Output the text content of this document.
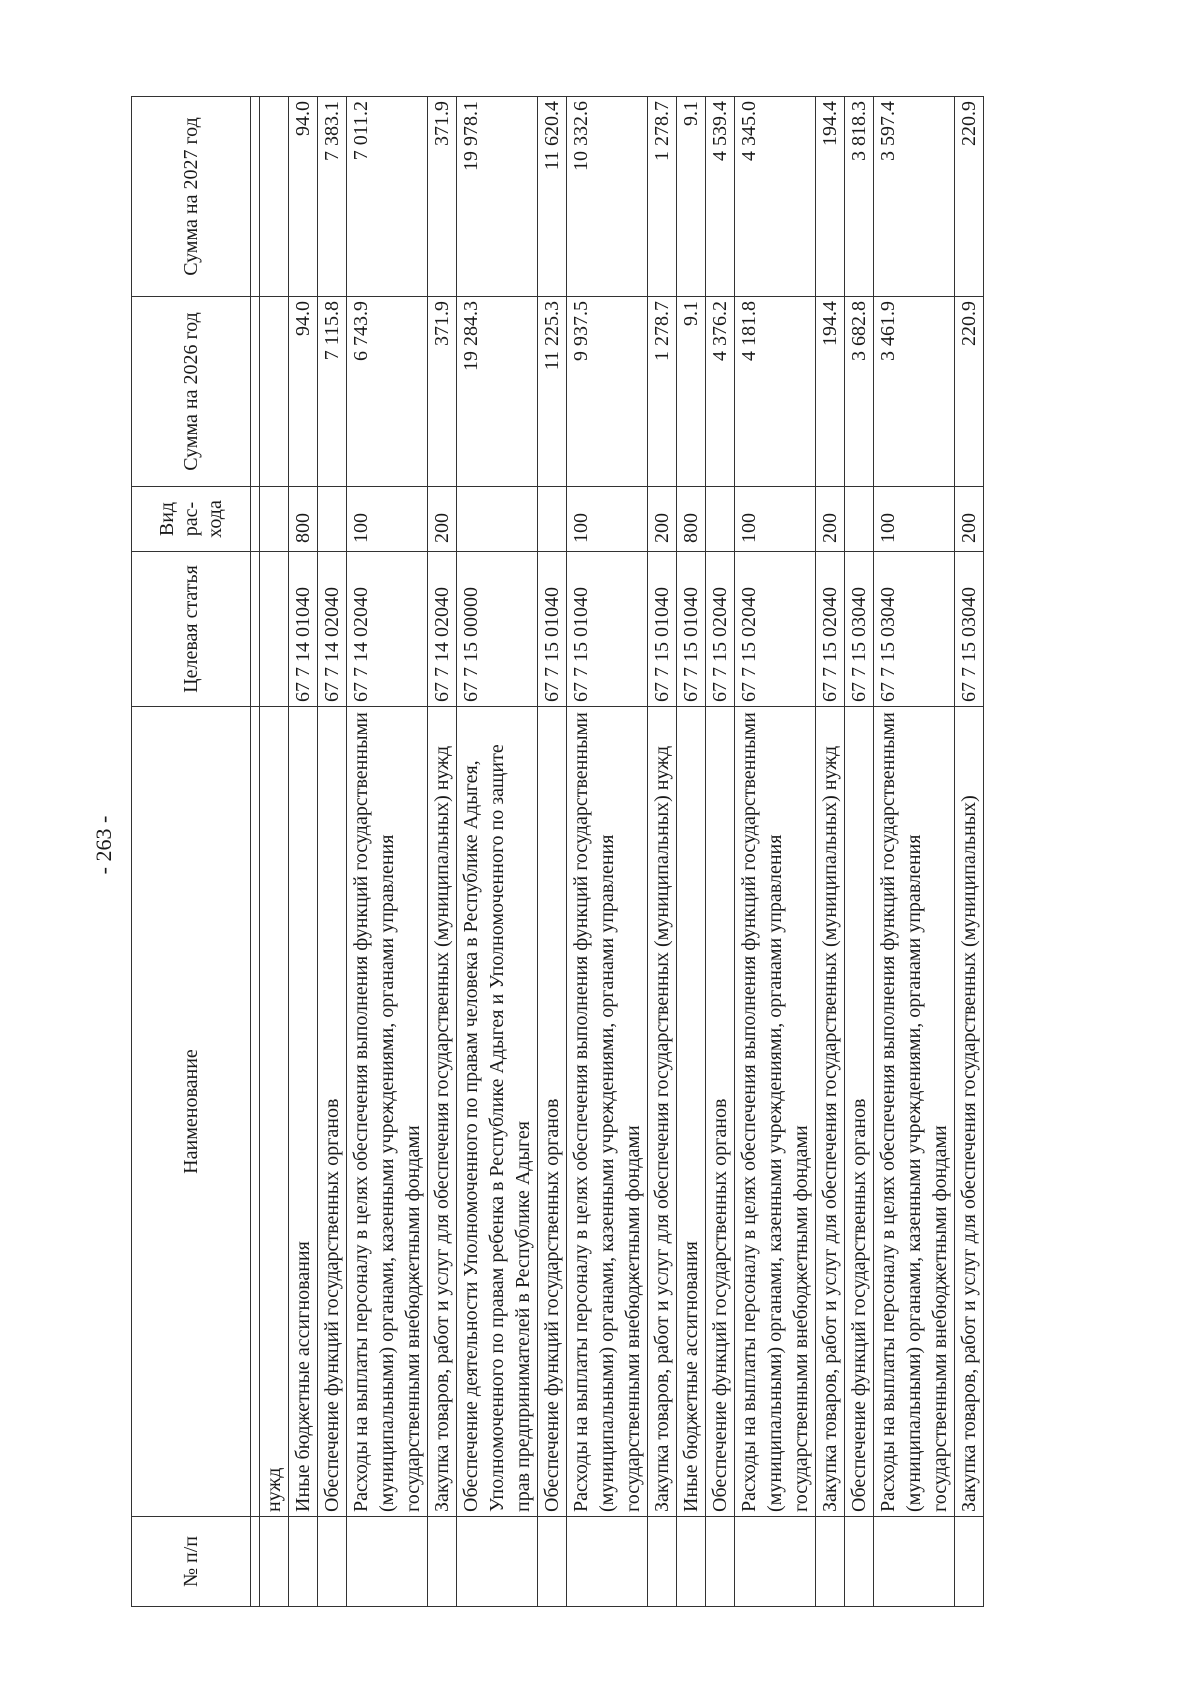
- 263 -
№ п/п	Наименование	Целевая статья	Вид рас-хода	Сумма на 2026 год	Сумма на 2027 год

	нужд				
	Иные бюджетные ассигнования	67 7 14 01040	800	94.0	94.0
	Обеспечение функций государственных органов	67 7 14 02040		7 115.8	7 383.1
	Расходы на выплаты персоналу в целях обеспечения выполнения функций государственными (муниципальными) органами, казенными учреждениями, органами управления государственными внебюджетными фондами	67 7 14 02040	100	6 743.9	7 011.2
	Закупка товаров, работ и услуг для обеспечения государственных (муниципальных) нужд	67 7 14 02040	200	371.9	371.9
	Обеспечение деятельности Уполномоченного по правам человека в Республике Адыгея, Уполномоченного по правам ребенка в Республике Адыгея и Уполномоченного по защите прав предпринимателей в Республике Адыгея	67 7 15 00000		19 284.3	19 978.1
	Обеспечение функций государственных органов	67 7 15 01040		11 225.3	11 620.4
	Расходы на выплаты персоналу в целях обеспечения выполнения функций государственными (муниципальными) органами, казенными учреждениями, органами управления государственными внебюджетными фондами	67 7 15 01040	100	9 937.5	10 332.6
	Закупка товаров, работ и услуг для обеспечения государственных (муниципальных) нужд	67 7 15 01040	200	1 278.7	1 278.7
	Иные бюджетные ассигнования	67 7 15 01040	800	9.1	9.1
	Обеспечение функций государственных органов	67 7 15 02040		4 376.2	4 539.4
	Расходы на выплаты персоналу в целях обеспечения выполнения функций государственными (муниципальными) органами, казенными учреждениями, органами управления государственными внебюджетными фондами	67 7 15 02040	100	4 181.8	4 345.0
	Закупка товаров, работ и услуг для обеспечения государственных (муниципальных) нужд	67 7 15 02040	200	194.4	194.4
	Обеспечение функций государственных органов	67 7 15 03040		3 682.8	3 818.3
	Расходы на выплаты персоналу в целях обеспечения выполнения функций государственными (муниципальными) органами, казенными учреждениями, органами управления государственными внебюджетными фондами	67 7 15 03040	100	3 461.9	3 597.4
	Закупка товаров, работ и услуг для обеспечения государственных (муниципальных)	67 7 15 03040	200	220.9	220.9
